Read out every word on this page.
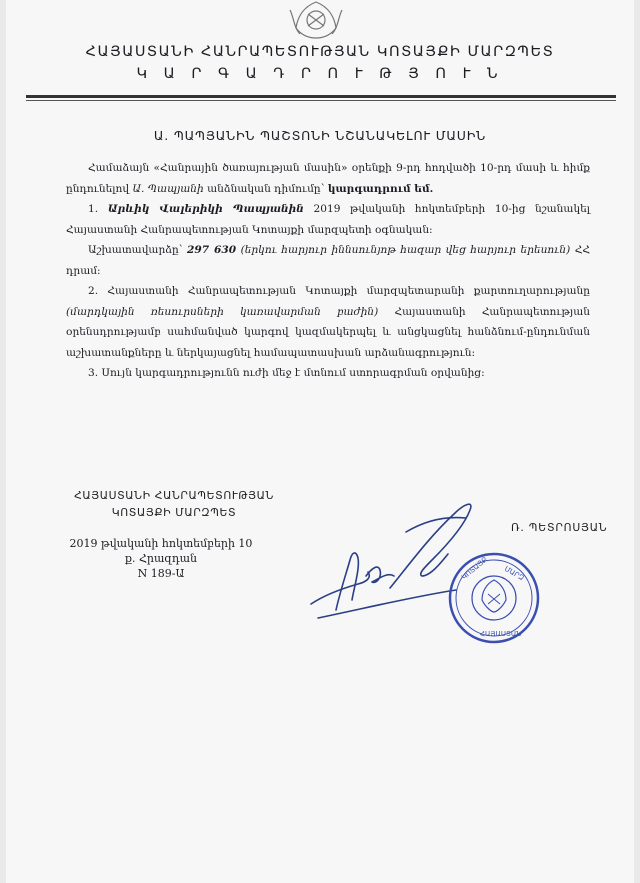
ՀԱՅԱՍՏԱՆԻ ՀԱՆՐԱՊԵՏՈՒԹՅԱՆ ԿՈՏԱՅՔԻ ՄԱՐԶՊԵՏ
Կ Ա Ր Գ Ա Դ Ր Ո Ւ Թ Յ Ո Ւ Ն
Ա. ՊԱՊՅԱՆԻՆ ՊԱՇՏՈՆԻ ՆՇԱՆԱԿԵԼՈՒ ՄԱՍԻՆ

Համաձայն «Հանրային ծառայության մասին» օրենքի 9-րդ հոդվածի 10-րդ մասի և հիմք ընդունելով Ա. Պապյանի անձնական դիմումը՝ կարգադրում եմ.

1. Արևիկ Վալերիկի Պապյանին 2019 թվականի հոկտեմբերի 10-ից նշանակել Հայաստանի Հանրապետության Կոտայքի մարզպետի օգնական:

Աշխատավարձը՝ 297 630 (երկու հարյուր իննսունյոթ հազար վեց հարյուր երեսուն) ՀՀ դրամ:

2. Հայաստանի Հանրապետության Կոտայքի մարզպետարանի քարտուղարությանը (մարդկային ռեսուրսների կառավարման բաժին) Հայաստանի Հանրապետության օրենսդրությամբ սահմանված կարգով կազմակերպել և անցկացնել հանձնում-ընդունման աշխատանքները և ներկայացնել համապատասխան արձանագրություն:

3. Սույն կարգադրությունն ուժի մեջ է մտնում ստորագրման օրվանից:

ՀԱՅԱՍՏԱՆԻ ՀԱՆՐԱՊԵՏՈՒԹՅԱՆ
ԿՈՏԱՅՔԻ ՄԱՐԶՊԵՏ
2019 թվականի հոկտեմբերի 10
ք. Հրազդան
N 189-Ա
Ռ. ՊԵՏՐՈՍՅԱՆ
ԿՈՏԱՅՔ ՄԱՐԶ
ՀԱՅԱՍՏԱՆ
